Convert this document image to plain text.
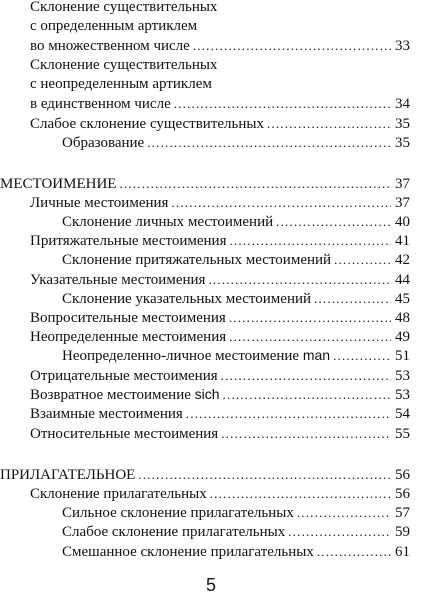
Склонение существительных
с определенным артиклем
во множественном числе .....	33
Склонение существительных
с неопределенным артиклем
в единственном числе .....	34
Слабое склонение существительных .....	35
Образование .....	35
МЕСТОИМЕНИЕ .....	37
Личные местоимения .....	37
Склонение личных местоимений .....	40
Притяжательные местоимения .....	41
Склонение притяжательных местоимений .....	42
Указательные местоимения .....	44
Склонение указательных местоимений .....	45
Вопросительные местоимения .....	48
Неопределенные местоимения .....	49
Неопределенно-личное местоимение man .....	51
Отрицательные местоимения .....	53
Возвратное местоимение sich .....	53
Взаимные местоимения .....	54
Относительные местоимения .....	55
ПРИЛАГАТЕЛЬНОЕ .....	56
Склонение прилагательных .....	56
Сильное склонение прилагательных .....	57
Слабое склонение прилагательных .....	59
Смешанное склонение прилагательных .....	61
5
